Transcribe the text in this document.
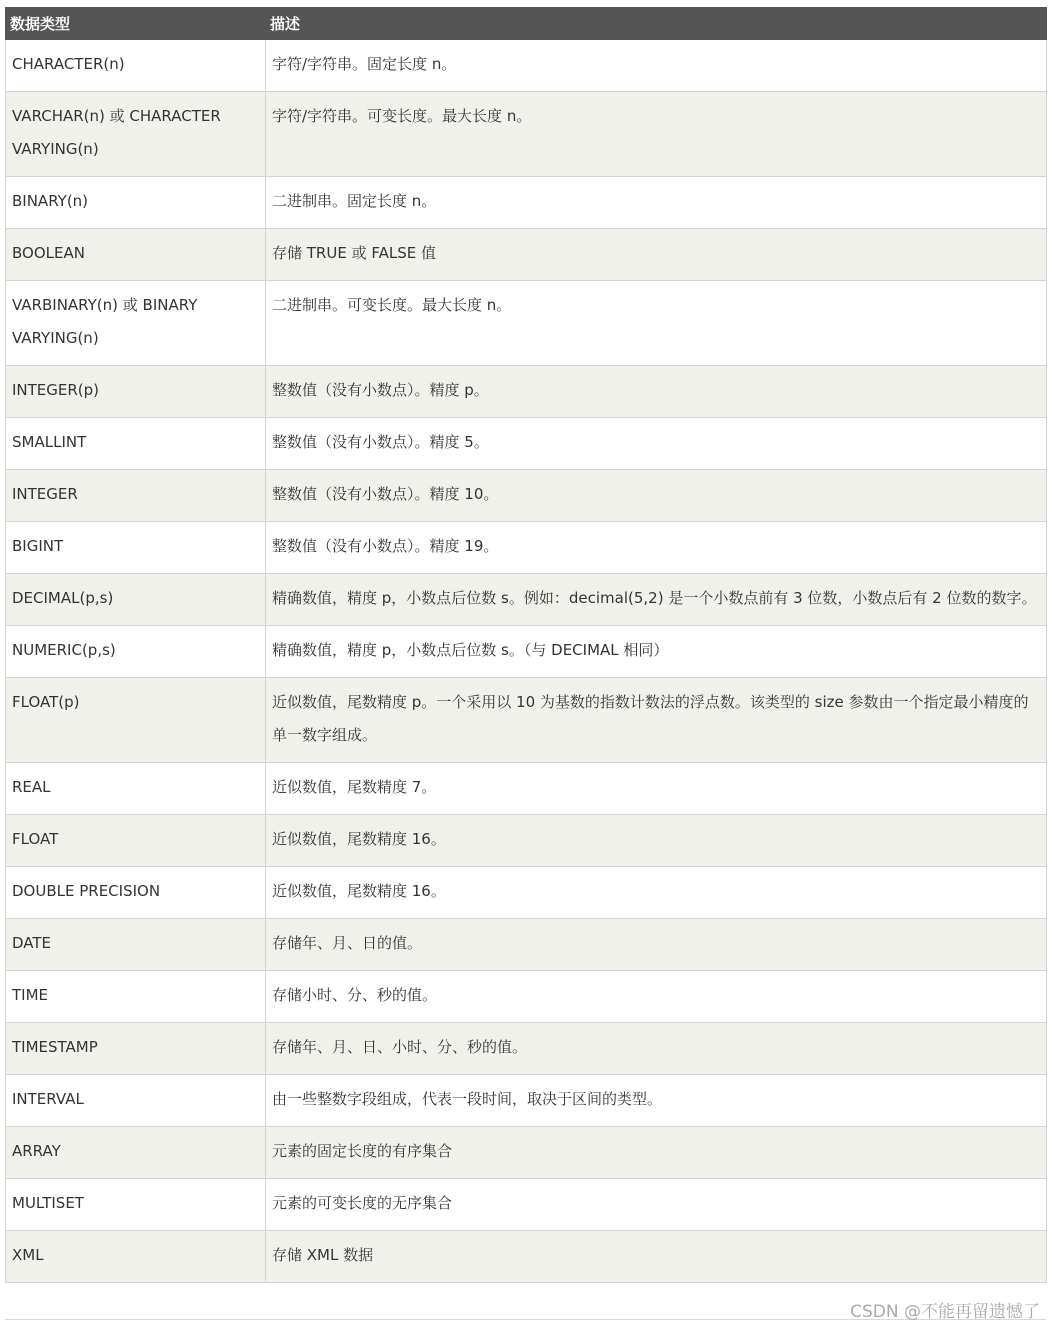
数据类型	描述
CHARACTER(n)	字符/字符串。固定长度 n。
VARCHAR(n) 或 CHARACTER VARYING(n)	字符/字符串。可变长度。最大长度 n。
BINARY(n)	二进制串。固定长度 n。
BOOLEAN	存储 TRUE 或 FALSE 值
VARBINARY(n) 或 BINARY VARYING(n)	二进制串。可变长度。最大长度 n。
INTEGER(p)	整数值（没有小数点）。精度 p。
SMALLINT	整数值（没有小数点）。精度 5。
INTEGER	整数值（没有小数点）。精度 10。
BIGINT	整数值（没有小数点）。精度 19。
DECIMAL(p,s)	精确数值，精度 p，小数点后位数 s。例如：decimal(5,2) 是一个小数点前有 3 位数，小数点后有 2 位数的数字。
NUMERIC(p,s)	精确数值，精度 p，小数点后位数 s。（与 DECIMAL 相同）
FLOAT(p)	近似数值，尾数精度 p。一个采用以 10 为基数的指数计数法的浮点数。该类型的 size 参数由一个指定最小精度的单一数字组成。
REAL	近似数值，尾数精度 7。
FLOAT	近似数值，尾数精度 16。
DOUBLE PRECISION	近似数值，尾数精度 16。
DATE	存储年、月、日的值。
TIME	存储小时、分、秒的值。
TIMESTAMP	存储年、月、日、小时、分、秒的值。
INTERVAL	由一些整数字段组成，代表一段时间，取决于区间的类型。
ARRAY	元素的固定长度的有序集合
MULTISET	元素的可变长度的无序集合
XML	存储 XML 数据
CSDN @不能再留遗憾了
